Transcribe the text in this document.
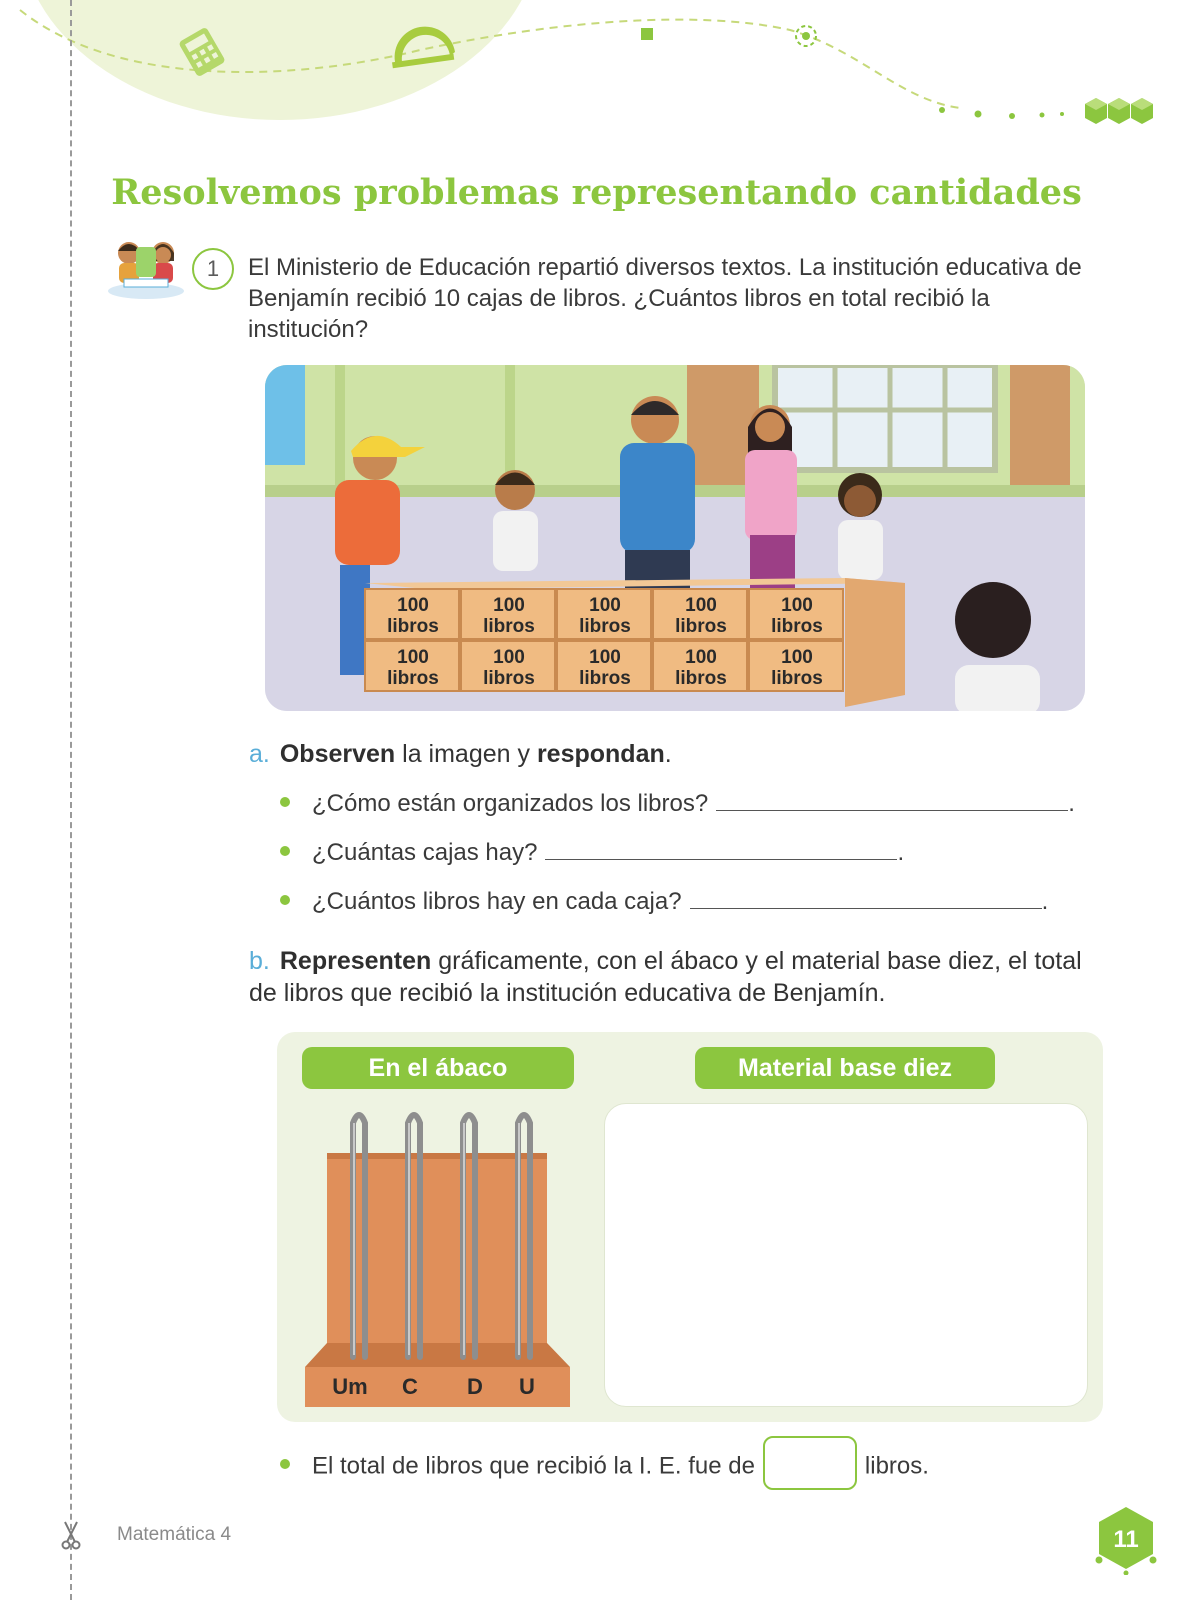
Resolvemos problemas representando cantidades
1	El Ministerio de Educación repartió diversos textos. La institución educativa de Benjamín recibió 10 cajas de libros. ¿Cuántos libros en total recibió la institución?
100
libros
100
libros
100
libros
100
libros
100
libros
100
libros
100
libros
100
libros
100
libros
100
libros
a. Observen la imagen y respondan.
¿Cómo están organizados los libros?	.
¿Cuántas cajas hay?	.
¿Cuántos libros hay en cada caja?	.
b. Representen gráficamente, con el ábaco y el material base diez, el total de libros que recibió la institución educativa de Benjamín.
En el ábaco	Material base diez
Um C D U
El total de libros que recibió la I. E. fue de	libros.
Matemática 4	11
